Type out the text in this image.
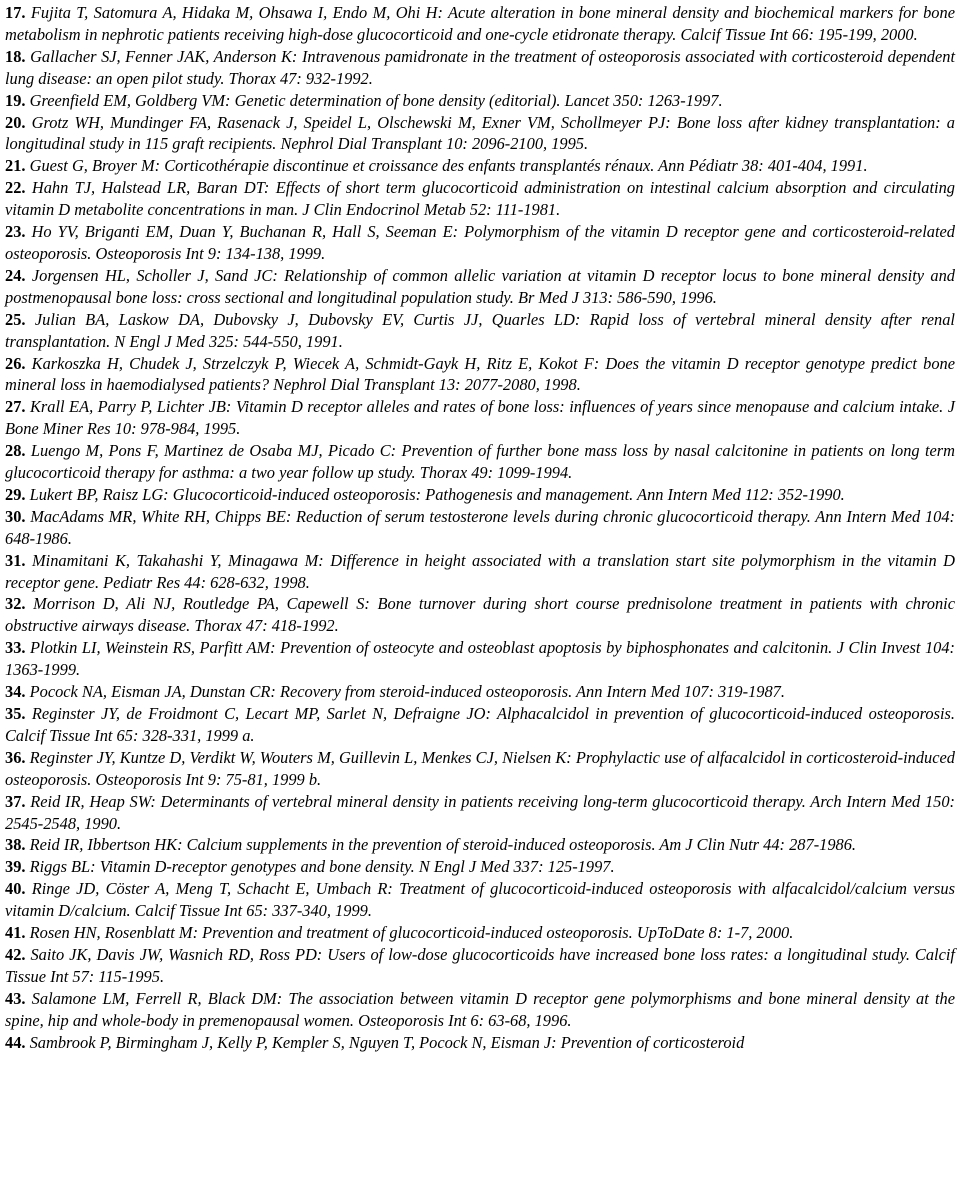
17. Fujita T, Satomura A, Hidaka M, Ohsawa I, Endo M, Ohi H: Acute alteration in bone mineral density and biochemical markers for bone metabolism in nephrotic patients receiving high-dose glucocorticoid and one-cycle etidronate therapy. Calcif Tissue Int 66: 195-199, 2000.

18. Gallacher SJ, Fenner JAK, Anderson K: Intravenous pamidronate in the treatment of osteoporosis associated with corticosteroid dependent lung disease: an open pilot study. Thorax 47: 932-1992.

19. Greenfield EM, Goldberg VM: Genetic determination of bone density (editorial). Lancet 350: 1263-1997.

20. Grotz WH, Mundinger FA, Rasenack J, Speidel L, Olschewski M, Exner VM, Schollmeyer PJ: Bone loss after kidney transplantation: a longitudinal study in 115 graft recipients. Nephrol Dial Transplant 10: 2096-2100, 1995.

21. Guest G, Broyer M: Corticothérapie discontinue et croissance des enfants transplantés rénaux. Ann Pédiatr 38: 401-404, 1991.

22. Hahn TJ, Halstead LR, Baran DT: Effects of short term glucocorticoid administration on intestinal calcium absorption and circulating vitamin D metabolite concentrations in man. J Clin Endocrinol Metab 52: 111-1981.

23. Ho YV, Briganti EM, Duan Y, Buchanan R, Hall S, Seeman E: Polymorphism of the vitamin D receptor gene and corticosteroid-related osteoporosis. Osteoporosis Int 9: 134-138, 1999.

24. Jorgensen HL, Scholler J, Sand JC: Relationship of common allelic variation at vitamin D receptor locus to bone mineral density and postmenopausal bone loss: cross sectional and longitudinal population study. Br Med J 313: 586-590, 1996.

25. Julian BA, Laskow DA, Dubovsky J, Dubovsky EV, Curtis JJ, Quarles LD: Rapid loss of vertebral mineral density after renal transplantation. N Engl J Med 325: 544-550, 1991.

26. Karkoszka H, Chudek J, Strzelczyk P, Wiecek A, Schmidt-Gayk H, Ritz E, Kokot F: Does the vitamin D receptor genotype predict bone mineral loss in haemodialysed patients? Nephrol Dial Transplant 13: 2077-2080, 1998.

27. Krall EA, Parry P, Lichter JB: Vitamin D receptor alleles and rates of bone loss: influences of years since menopause and calcium intake. J Bone Miner Res 10: 978-984, 1995.

28. Luengo M, Pons F, Martinez de Osaba MJ, Picado C: Prevention of further bone mass loss by nasal calcitonine in patients on long term glucocorticoid therapy for asthma: a two year follow up study. Thorax 49: 1099-1994.

29. Lukert BP, Raisz LG: Glucocorticoid-induced osteoporosis: Pathogenesis and management. Ann Intern Med 112: 352-1990.

30. MacAdams MR, White RH, Chipps BE: Reduction of serum testosterone levels during chronic glucocorticoid therapy. Ann Intern Med 104: 648-1986.

31. Minamitani K, Takahashi Y, Minagawa M: Difference in height associated with a translation start site polymorphism in the vitamin D receptor gene. Pediatr Res 44: 628-632, 1998.

32. Morrison D, Ali NJ, Routledge PA, Capewell S: Bone turnover during short course prednisolone treatment in patients with chronic obstructive airways disease. Thorax 47: 418-1992.

33. Plotkin LI, Weinstein RS, Parfitt AM: Prevention of osteocyte and osteoblast apoptosis by biphosphonates and calcitonin. J Clin Invest 104: 1363-1999.

34. Pocock NA, Eisman JA, Dunstan CR: Recovery from steroid-induced osteoporosis. Ann Intern Med 107: 319-1987.

35. Reginster JY, de Froidmont C, Lecart MP, Sarlet N, Defraigne JO: Alphacalcidol in prevention of glucocorticoid-induced osteoporosis. Calcif Tissue Int 65: 328-331, 1999 a.

36. Reginster JY, Kuntze D, Verdikt W, Wouters M, Guillevin L, Menkes CJ, Nielsen K: Prophylactic use of alfacalcidol in corticosteroid-induced osteoporosis. Osteoporosis Int 9: 75-81, 1999 b.

37. Reid IR, Heap SW: Determinants of vertebral mineral density in patients receiving long-term glucocorticoid therapy. Arch Intern Med 150: 2545-2548, 1990.

38. Reid IR, Ibbertson HK: Calcium supplements in the prevention of steroid-induced osteoporosis. Am J Clin Nutr 44: 287-1986.

39. Riggs BL: Vitamin D-receptor genotypes and bone density. N Engl J Med 337: 125-1997.

40. Ringe JD, Cöster A, Meng T, Schacht E, Umbach R: Treatment of glucocorticoid-induced osteoporosis with alfacalcidol/calcium versus vitamin D/calcium. Calcif Tissue Int 65: 337-340, 1999.

41. Rosen HN, Rosenblatt M: Prevention and treatment of glucocorticoid-induced osteoporosis. UpToDate 8: 1-7, 2000.

42. Saito JK, Davis JW, Wasnich RD, Ross PD: Users of low-dose glucocorticoids have increased bone loss rates: a longitudinal study. Calcif Tissue Int 57: 115-1995.

43. Salamone LM, Ferrell R, Black DM: The association between vitamin D receptor gene polymorphisms and bone mineral density at the spine, hip and whole-body in premenopausal women. Osteoporosis Int 6: 63-68, 1996.

44. Sambrook P, Birmingham J, Kelly P, Kempler S, Nguyen T, Pocock N, Eisman J: Prevention of corticosteroid
